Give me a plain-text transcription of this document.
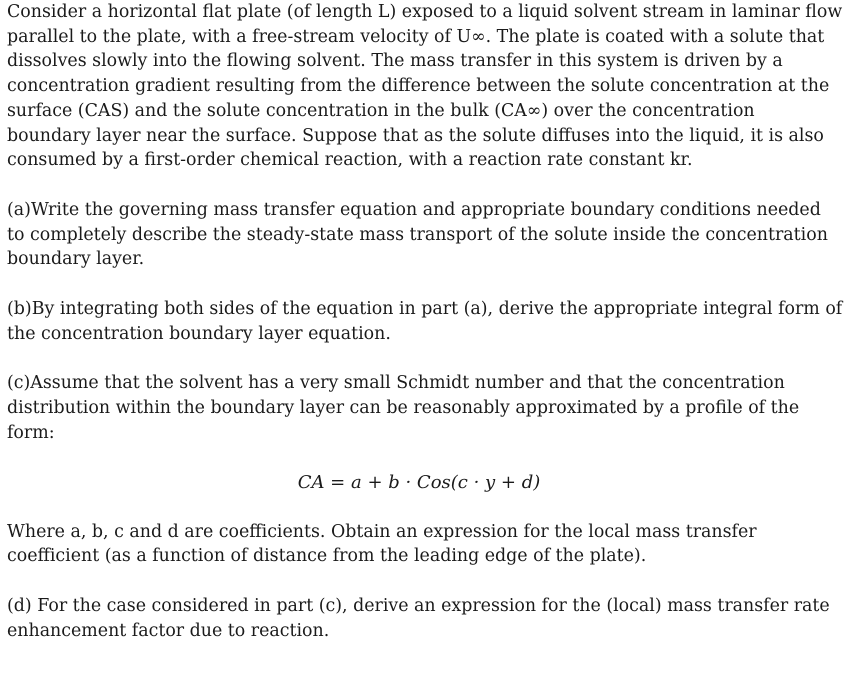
Consider a horizontal flat plate (of length L) exposed to a liquid solvent stream in laminar flow parallel to the plate, with a free-stream velocity of U∞. The plate is coated with a solute that dissolves slowly into the flowing solvent. The mass transfer in this system is driven by a concentration gradient resulting from the difference between the solute concentration at the surface (CAS) and the solute concentration in the bulk (CA∞) over the concentration boundary layer near the surface. Suppose that as the solute diffuses into the liquid, it is also consumed by a first-order chemical reaction, with a reaction rate constant kr.

(a)Write the governing mass transfer equation and appropriate boundary conditions needed to completely describe the steady-state mass transport of the solute inside the concentration boundary layer.

(b)By integrating both sides of the equation in part (a), derive the appropriate integral form of the concentration boundary layer equation.

(c)Assume that the solvent has a very small Schmidt number and that the concentration distribution within the boundary layer can be reasonably approximated by a profile of the form:

CA = a + b · Cos(c · y + d)

Where a, b, c and d are coefficients. Obtain an expression for the local mass transfer coefficient (as a function of distance from the leading edge of the plate).

(d) For the case considered in part (c), derive an expression for the (local) mass transfer rate enhancement factor due to reaction.
